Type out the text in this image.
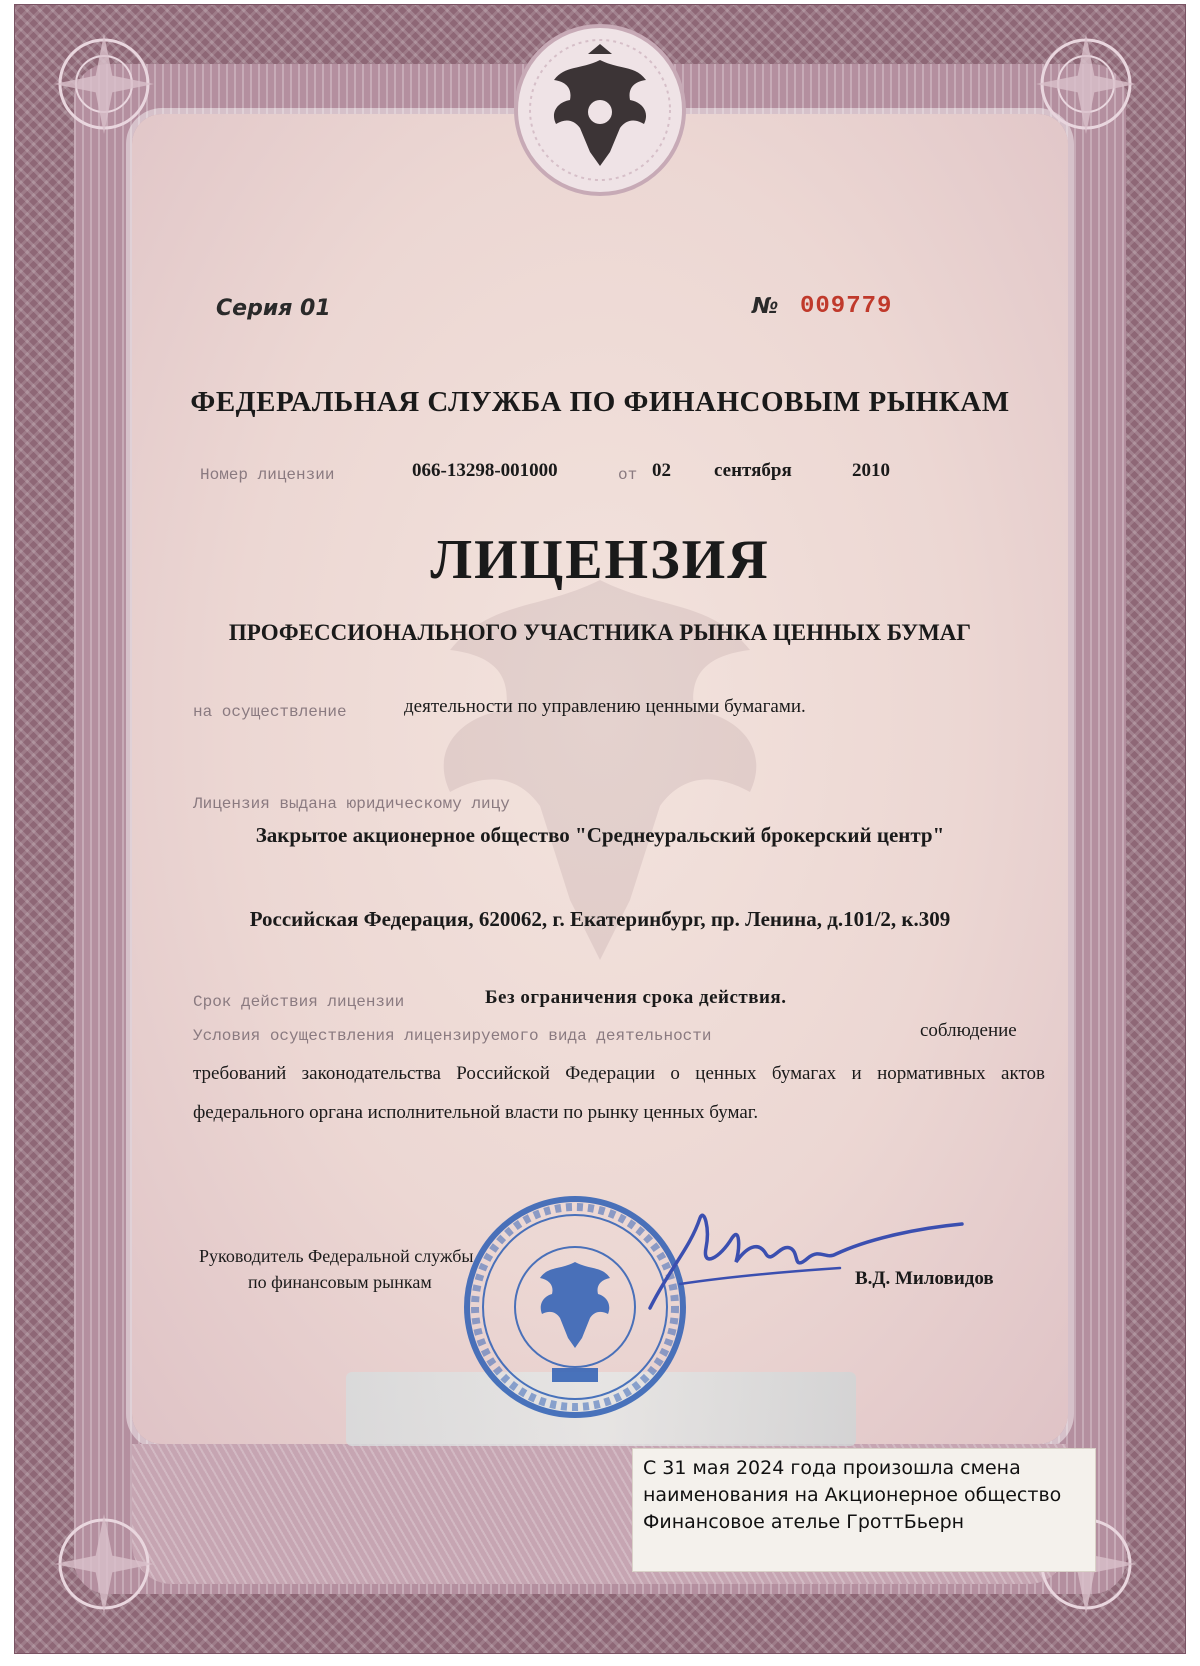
Серия 01	№ 009779
ФЕДЕРАЛЬНАЯ СЛУЖБА ПО ФИНАНСОВЫМ РЫНКАМ
Номер лицензии	066-13298-001000	от 02 сентября	2010
ЛИЦЕНЗИЯ
ПРОФЕССИОНАЛЬНОГО УЧАСТНИКА РЫНКА ЦЕННЫХ БУМАГ
на осуществление	деятельности по управлению ценными бумагами.
Лицензия выдана юридическому лицу
Закрытое акционерное общество "Среднеуральский брокерский центр"
Российская Федерация, 620062, г. Екатеринбург, пр. Ленина, д.101/2, к.309
Срок действия лицензии	Без ограничения срока действия.
Условия осуществления лицензируемого вида деятельности	соблюдение
требований законодательства Российской Федерации о ценных бумагах и нормативных актов федерального органа исполнительной власти по рынку ценных бумаг.
Руководитель Федеральной службы
по финансовым рынкам	В.Д. Миловидов
С 31 мая 2024 года произошла смена наименования на Акционерное общество Финансовое ателье ГроттБьерн
